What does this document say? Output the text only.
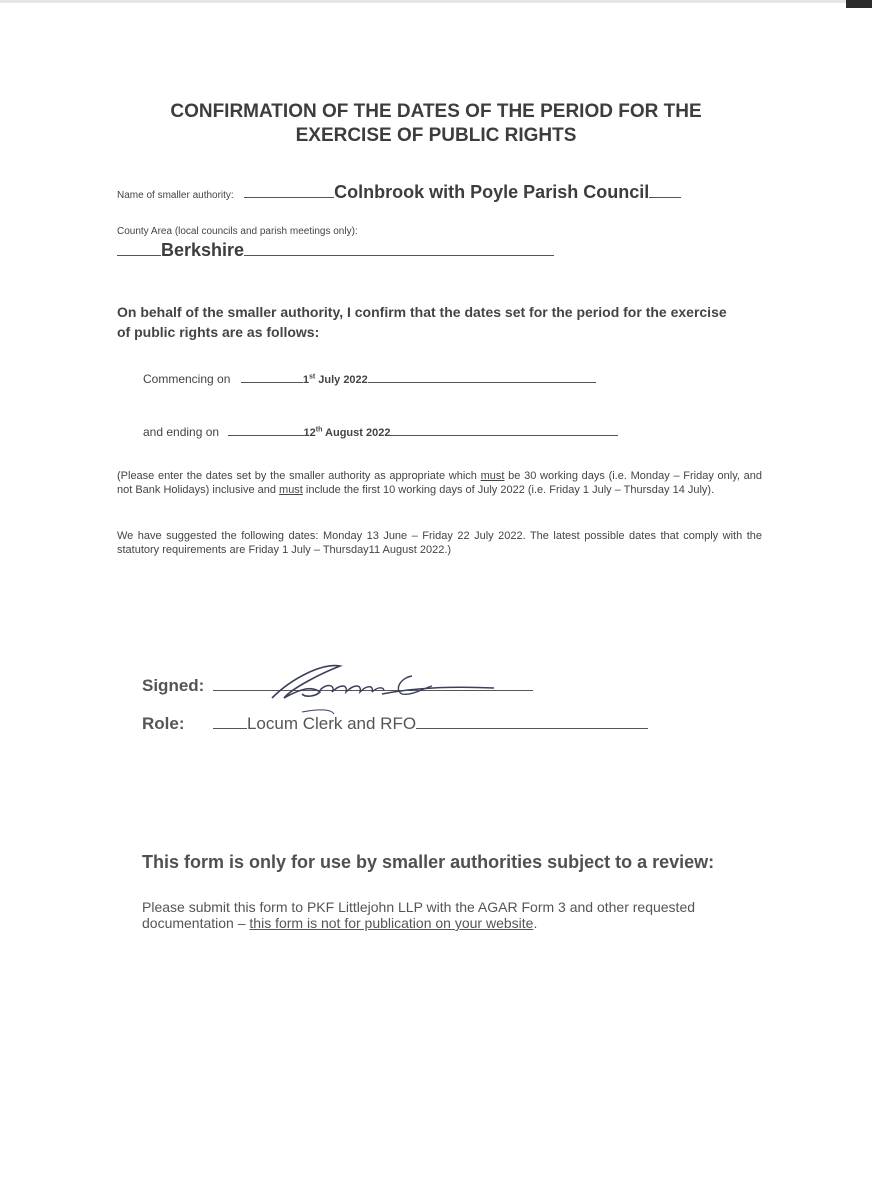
CONFIRMATION OF THE DATES OF THE PERIOD FOR THE
EXERCISE OF PUBLIC RIGHTS
Name of smaller authority:	Colnbrook with Poyle Parish Council
County Area (local councils and parish meetings only):
Berkshire
On behalf of the smaller authority, I confirm that the dates set for the period for the exercise of public rights are as follows:
Commencing on	1st July 2022
and ending on	12th August 2022
(Please enter the dates set by the smaller authority as appropriate which must be 30 working days (i.e. Monday – Friday only, and not Bank Holidays) inclusive and must include the first 10 working days of July 2022 (i.e. Friday 1 July – Thursday 14 July).
We have suggested the following dates: Monday 13 June – Friday 22 July 2022. The latest possible dates that comply with the statutory requirements are Friday 1 July – Thursday11 August 2022.)
Signed:
Role:	Locum Clerk and RFO
This form is only for use by smaller authorities subject to a review:
Please submit this form to PKF Littlejohn LLP with the AGAR Form 3 and other requested documentation – this form is not for publication on your website.
